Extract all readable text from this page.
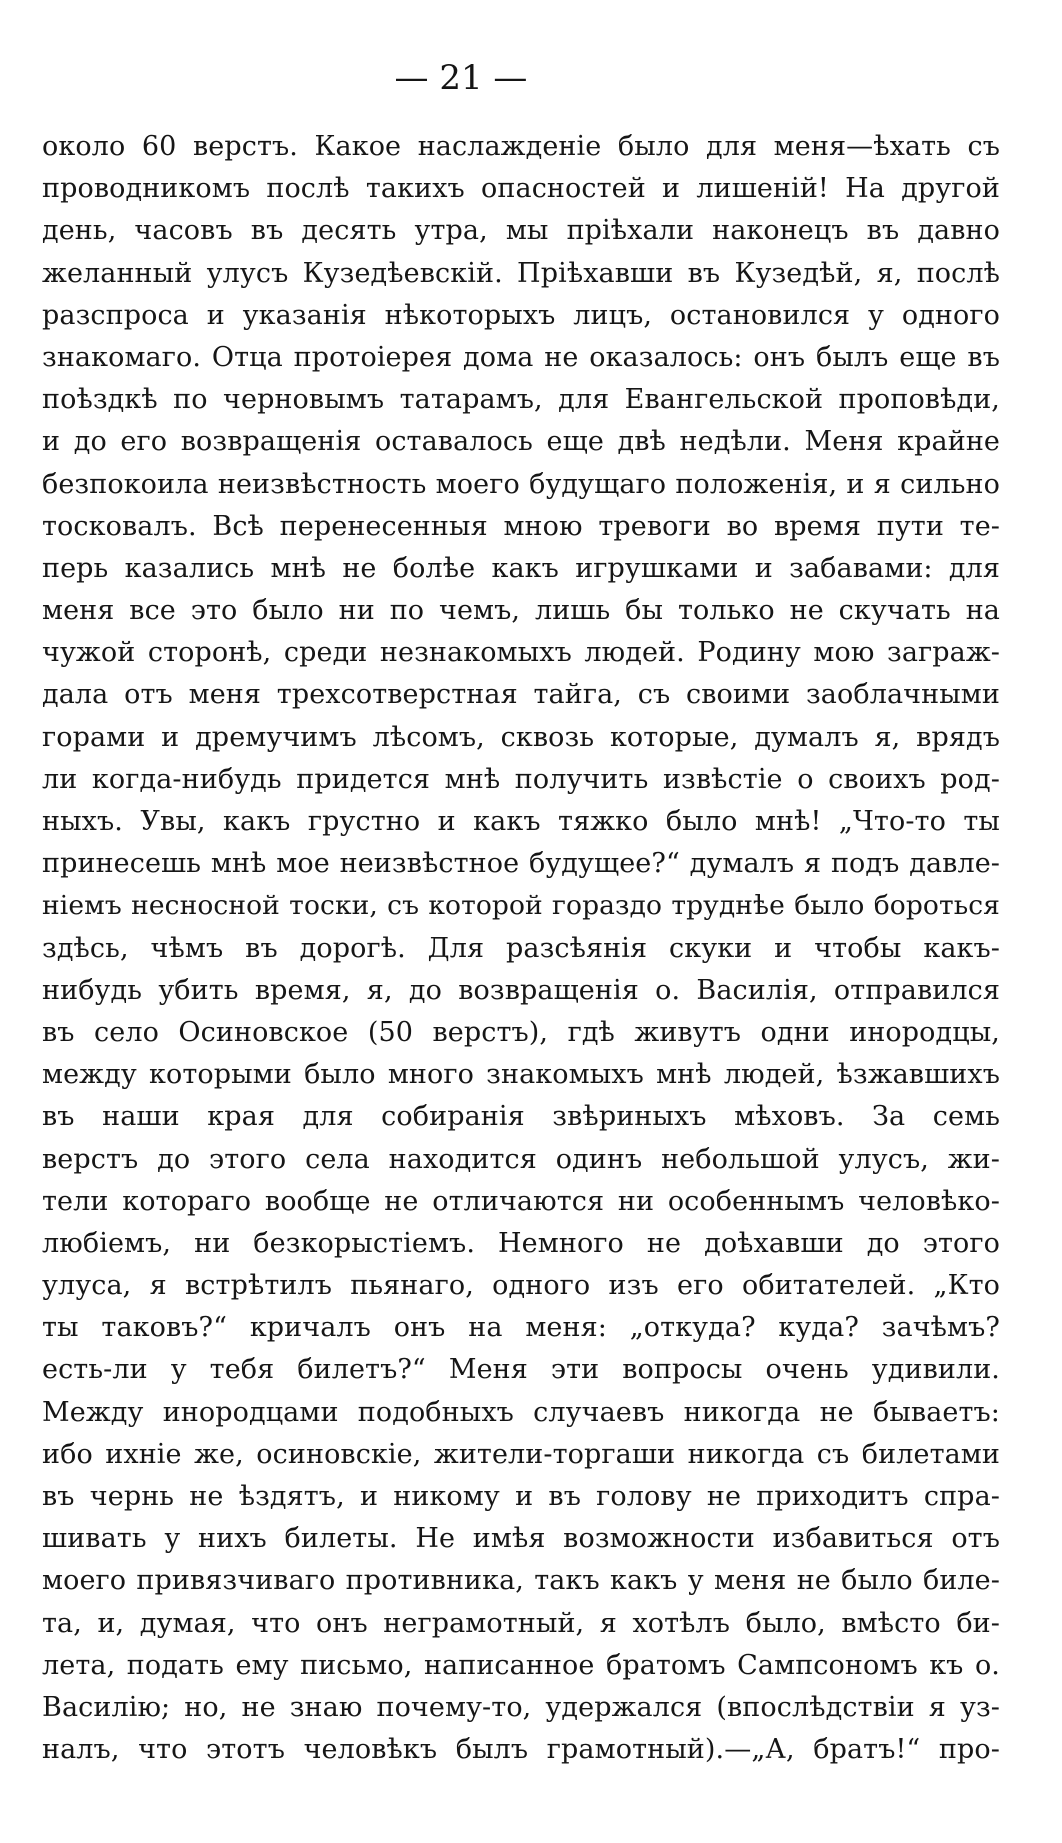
— 21 —
около 60 верстъ. Какое наслажденіе было для меня—ѣхать съ
проводникомъ послѣ такихъ опасностей и лишеній! На другой
день, часовъ въ десять утра, мы пріѣхали наконецъ въ давно
желанный улусъ Кузедѣевскій. Пріѣхавши въ Кузедѣй, я, послѣ
разспроса и указанія нѣкоторыхъ лицъ, остановился у одного
знакомаго. Отца протоіерея дома не оказалось: онъ былъ еще въ
поѣздкѣ по черновымъ татарамъ, для Евангельской проповѣди,
и до его возвращенія оставалось еще двѣ недѣли. Меня крайне
безпокоила неизвѣстность моего будущаго положенія, и я сильно
тосковалъ. Всѣ перенесенныя мною тревоги во время пути те-
перь казались мнѣ не болѣе какъ игрушками и забавами: для
меня все это было ни по чемъ, лишь бы только не скучать на
чужой сторонѣ, среди незнакомыхъ людей. Родину мою заграж-
дала отъ меня трехсотверстная тайга, съ своими заоблачными
горами и дремучимъ лѣсомъ, сквозь которые, думалъ я, врядъ
ли когда-нибудь придется мнѣ получить извѣстіе о своихъ род-
ныхъ. Увы, какъ грустно и какъ тяжко было мнѣ! „Что-то ты
принесешь мнѣ мое неизвѣстное будущее?“ думалъ я подъ давле-
ніемъ несносной тоски, съ которой гораздо труднѣе было бороться
здѣсь, чѣмъ въ дорогѣ. Для разсѣянія скуки и чтобы какъ-
нибудь убить время, я, до возвращенія о. Василія, отправился
въ село Осиновское (50 верстъ), гдѣ живутъ одни инородцы,
между которыми было много знакомыхъ мнѣ людей, ѣзжавшихъ
въ наши края для собиранія звѣриныхъ мѣховъ. За семь
верстъ до этого села находится одинъ небольшой улусъ, жи-
тели котораго вообще не отличаются ни особеннымъ человѣко-
любіемъ, ни безкорыстіемъ. Немного не доѣхавши до этого
улуса, я встрѣтилъ пьянаго, одного изъ его обитателей. „Кто
ты таковъ?“ кричалъ онъ на меня: „откуда? куда? зачѣмъ?
есть-ли у тебя билетъ?“ Меня эти вопросы очень удивили.
Между инородцами подобныхъ случаевъ никогда не бываетъ:
ибо ихніе же, осиновскіе, жители-торгаши никогда съ билетами
въ чернь не ѣздятъ, и никому и въ голову не приходитъ спра-
шивать у нихъ билеты. Не имѣя возможности избавиться отъ
моего привязчиваго противника, такъ какъ у меня не было биле-
та, и, думая, что онъ неграмотный, я хотѣлъ было, вмѣсто би-
лета, подать ему письмо, написанное братомъ Сампсономъ къ о.
Василію; но, не знаю почему-то, удержался (впослѣдствіи я уз-
налъ, что этотъ человѣкъ былъ грамотный).—„А, братъ!“ про-
